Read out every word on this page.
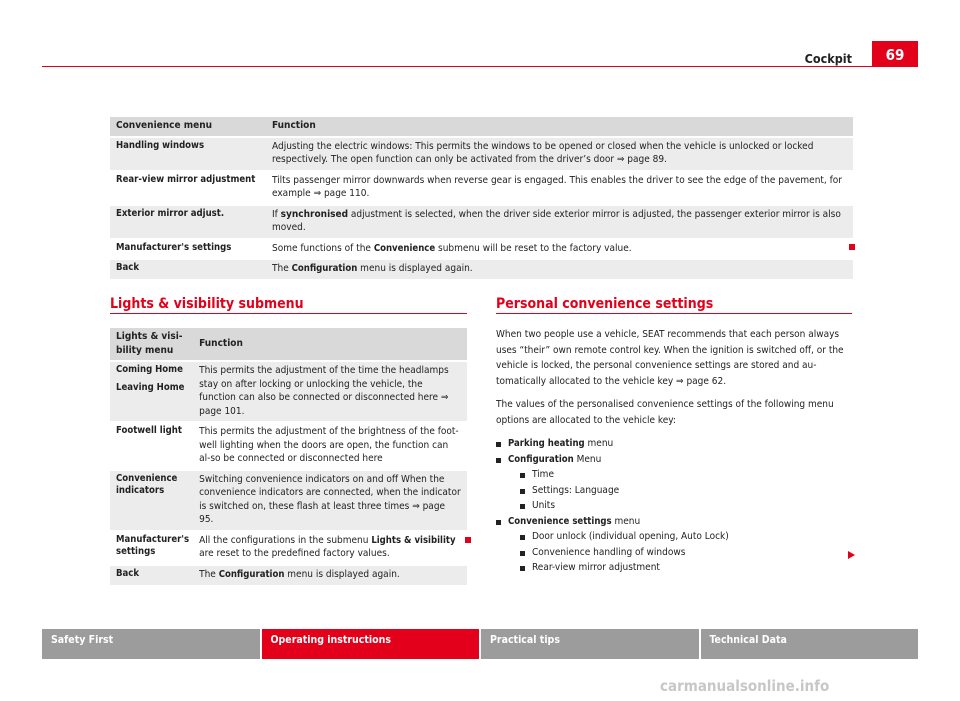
Cockpit	69
Convenience menu	Function
Handling windows	Adjusting the electric windows: This permits the windows to be opened or closed when the vehicle is unlocked or locked respectively. The open function can only be activated from the driver’s door ⇒ page 89.
Rear-view mirror adjustment	Tilts passenger mirror downwards when reverse gear is engaged. This enables the driver to see the edge of the pavement, for example ⇒ page 110.
Exterior mirror adjust.	If synchronised adjustment is selected, when the driver side exterior mirror is adjusted, the passenger exterior mirror is also moved.
Manufacturer's settings	Some functions of the Convenience submenu will be reset to the factory value.
Back	The Configuration menu is displayed again.
Lights & visibility submenu
Lights & visi-bility menu	Function

Coming Home
Leaving Home	This permits the adjustment of the time the headlamps stay on after locking or unlocking the vehicle, the function can also be connected or disconnected here ⇒ page 101.
Footwell light	This permits the adjustment of the brightness of the foot-well lighting when the doors are open, the function can al-so be connected or disconnected here
Convenience indicators	Switching convenience indicators on and off When the convenience indicators are connected, when the indicator is switched on, these flash at least three times ⇒ page 95.
Manufacturer's settings	All the configurations in the submenu Lights & visibility are reset to the predefined factory values.
Back	The Configuration menu is displayed again.
Personal convenience settings

When two people use a vehicle, SEAT recommends that each person always uses “their” own remote control key. When the ignition is switched off, or the vehicle is locked, the personal convenience settings are stored and au-tomatically allocated to the vehicle key ⇒ page 62.

The values of the personalised convenience settings of the following menu options are allocated to the vehicle key:

Parking heating menu
Configuration Menu
Time
Settings: Language
Units
Convenience settings menu
Door unlock (individual opening, Auto Lock)
Convenience handling of windows
Rear-view mirror adjustment
Safety First	Operating instructions	Practical tips	Technical Data
carmanualsonline.info
